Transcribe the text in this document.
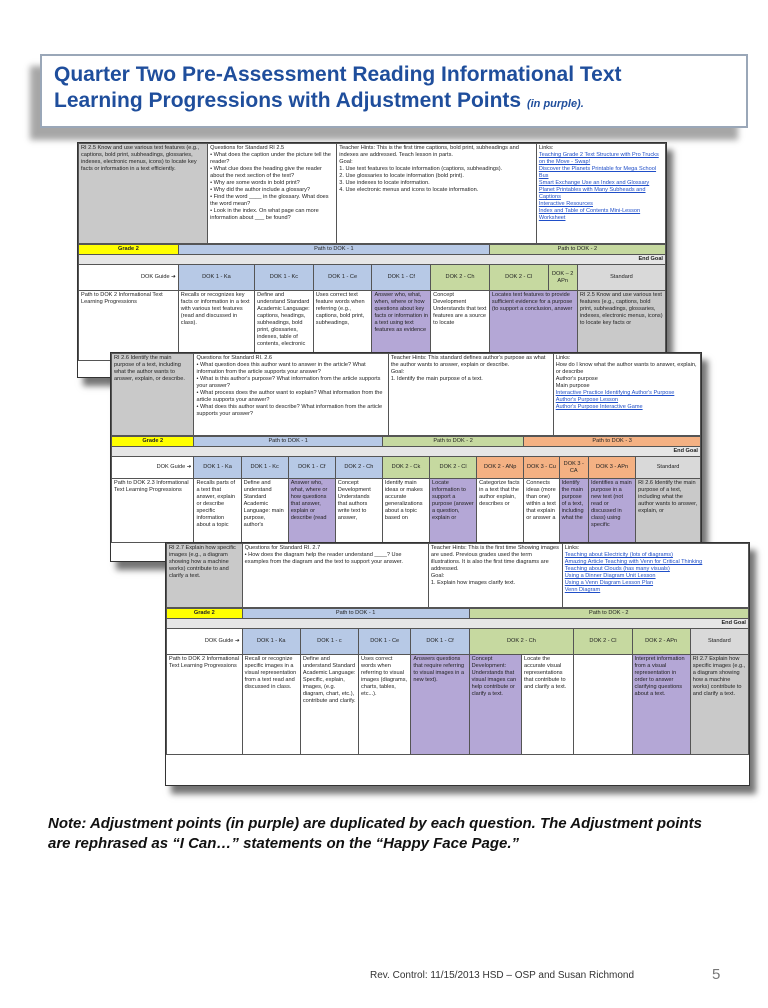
Quarter Two Pre-Assessment Reading Informational Text
Learning Progressions with Adjustment Points (in purple).
RI 2.5 Know and use various text features (e.g., captions, bold print, subheadings, glossaries, indexes, electronic menus, icons) to locate key facts or information in a text efficiently.	
Questions for Standard RI 2.5
• What does the caption under the picture tell the reader?
• What clue does the heading give the reader about the next section of the text?
• Why are some words in bold print?
• Why did the author include a glossary?
• Find the word ____ in the glossary. What does the word mean?
• Look in the index. On what page can more information about ___ be found?

Teacher Hints: This is the first time captions, bold print, subheadings and indexes are addressed. Teach lesson in parts.
Goal:
1. Use text features to locate information (captions, subheadings).
2. Use glossaries to locate information (bold print).
3. Use indexes to locate information.
4. Use electronic menus and icons to locate information.

Links:
Teaching Grade 2 Text Structure with Pro Trucks on the Move - Swap!
Discover the Planets Printable for Mega School Bus
Smart Exchange Use an Index and Glossary
Planet Printables with Many Subheads and Captions
Interactive Resources
Index and Table of Contents Mini-Lesson Worksheet
Grade 2	Path to DOK - 1					Path to DOK - 2		
End Goal								
DOK Guide ➔	DOK 1 - Ka	DOK 1 - Kc	DOK 1 - Ce	DOK 1 - Cf	DOK 2 - Ch	DOK 2 - Cl	DOK – 2 APn	Standard
Path to DOK 2 Informational Text Learning Progressions	Recalls or recognizes key facts or information in a text with various text features (read and discussed in class).	Define and understand Standard Academic Language: captions, headings, subheadings, bold print, glossaries, indexes, table of contents, electronic	Uses correct text feature words when referring (e.g., captions, bold print, subheadings,	Answer who, what, when, where or how questions about key facts or information in a text using text features as evidence	Concept Development Understands that text features are a source to locate	Locates text features to provide sufficient evidence for a purpose (to support a conclusion, answer		RI 2.5 Know and use various text features (e.g., captions, bold print, subheadings, glossaries, indexes, electronic menus, icons) to locate key facts or
RI 2.6 Identify the main purpose of a text, including what the author wants to answer, explain, or describe.	
Questions for Standard RI. 2.6
• What question does this author want to answer in the article? What information from the article supports your answer?
• What is this author's purpose? What information from the article supports your answer?
• What process does the author want to explain? What information from the article supports your answer?
• What does this author want to describe? What information from the article supports your answer?

Teacher Hints: This standard defines author's purpose as what the author wants to answer, explain or describe.
Goal:
1. Identify the main purpose of a text.

Links:
How do I know what the author wants to answer, explain, or describe
Author's purpose
Main purpose
Interactive Practice Identifying Author's Purpose
Author's Purpose Lesson
Author's Purpose Interactive Game
Grade 2	Path to DOK - 1				Path to DOK - 2			Path to DOK - 3			
End Goal											
DOK Guide ➔	DOK 1 - Ka	DOK 1 - Kc	DOK 1 - Cf	DOK 2 - Ch	DOK 2 - Ck	DOK 2 - Cl	DOK 2 - ANp	DOK 3 - Cu	DOK 3 - CA	DOK 3 - APn	Standard
Path to DOK 2.3 Informational Text Learning Progressions	Recalls parts of a text that answer, explain or describe specific information about a topic	Define and understand Standard Academic Language: main purpose, author's	Answer who, what, where or how questions that answer, explain or describe (read	Concept Development Understands that authors write text to answer,	Identify main ideas or makes accurate generalizations about a topic based on	Locate information to support a purpose (answer a question, explain or	Categorize facts in a text that the author explain, describes or	Connects ideas (more than one) within a text that explain or answer a	Identify the main purpose of a text, including what the	Identifies a main purpose in a new text (not read or discussed in class) using specific	RI 2.6 Identify the main purpose of a text, including what the author wants to answer, explain, or
RI 2.7 Explain how specific images (e.g., a diagram showing how a machine works) contribute to and clarify a text.	
Questions for Standard RI. 2.7
• How does the diagram help the reader understand ____? Use examples from the diagram and the text to support your answer.

Teacher Hints: This is the first time Showing images are used. Previous grades used the term illustrations. It is also the first time diagrams are addressed.
Goal:
1. Explain how images clarify text.

Links:
Teaching about Electricity (lots of diagrams)
Amazing Article Teaching with Venn for Critical Thinking
Teaching about Clouds (has many visuals)
Using a Dinner Diagram Unit Lesson
Using a Venn Diagram Lesson Plan
Venn Diagram
Grade 2	Path to DOK - 1				Path to DOK - 2				
End Goal									
DOK Guide ➔	DOK 1 - Ka	DOK 1 - c	DOK 1 - Ce	DOK 1 - Cf	DOK 2 - Ch		DOK 2 - Cl	DOK 2 - APn	Standard
Path to DOK 2 Informational Text Learning Progressions	Recall or recognize specific images in a visual representation from a text read and discussed in class.	Define and understand Standard Academic Language: Specific, explain, images, (e.g. diagram, chart, etc.), contribute and clarify.	Uses correct words when referring to visual images (diagrams, charts, tables, etc...).	Answers questions that require referring to visual images in a new text).	Concept Development: Understands that visual images can help contribute or clarify a text.	Locate the accurate visual representations that contribute to and clarify a text.		Interpret information from a visual representation in order to answer clarifying questions about a text.	RI 2.7 Explain how specific images (e.g., a diagram showing how a machine works) contribute to and clarify a text.
Note: Adjustment points (in purple) are duplicated by each question. The Adjustment points are rephrased as “I Can…” statements on the “Happy Face Page.”
Rev. Control: 11/15/2013 HSD – OSP and Susan Richmond	5
